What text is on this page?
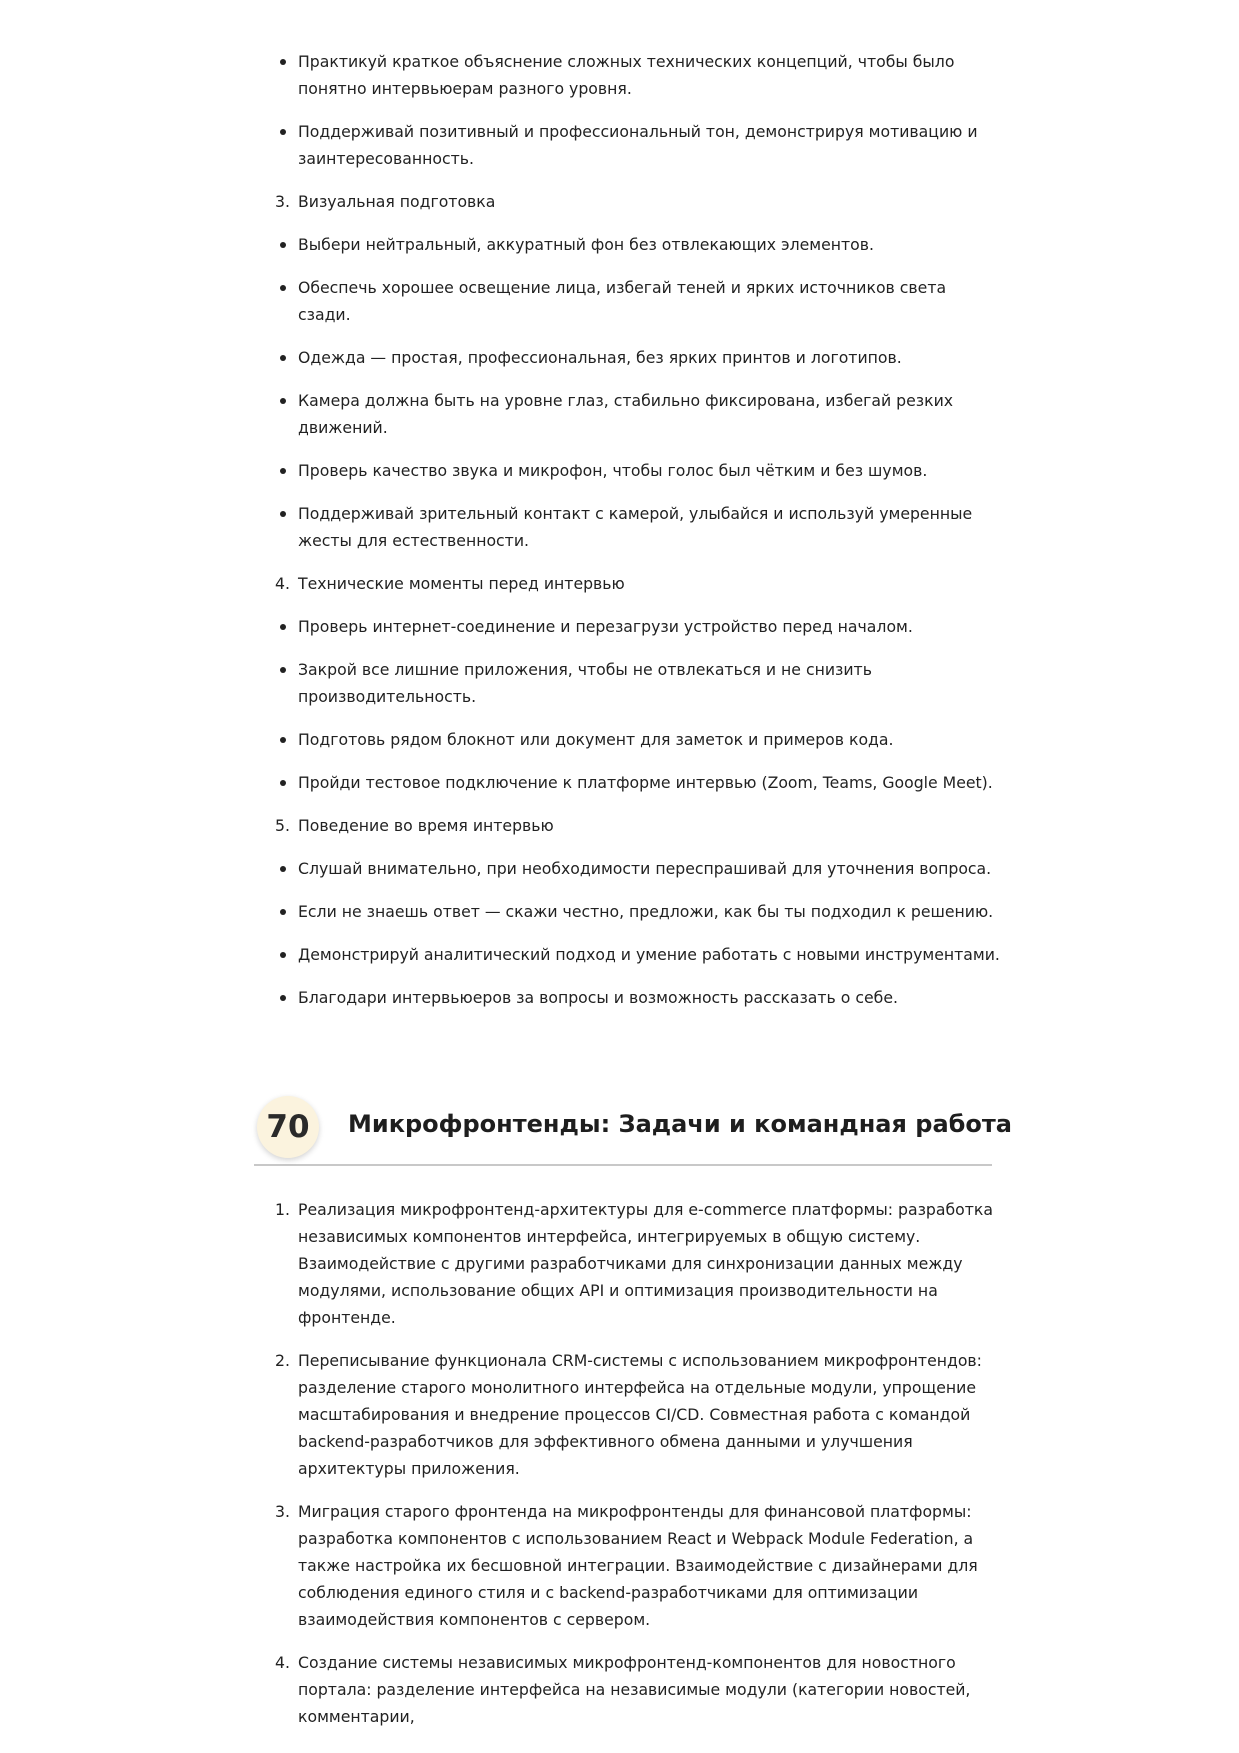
Практикуй краткое объяснение сложных технических концепций, чтобы было понятно интервьюерам разного уровня.
Поддерживай позитивный и профессиональный тон, демонстрируя мотивацию и заинтересованность.
3. Визуальная подготовка
Выбери нейтральный, аккуратный фон без отвлекающих элементов.
Обеспечь хорошее освещение лица, избегай теней и ярких источников света сзади.
Одежда — простая, профессиональная, без ярких принтов и логотипов.
Камера должна быть на уровне глаз, стабильно фиксирована, избегай резких движений.
Проверь качество звука и микрофон, чтобы голос был чётким и без шумов.
Поддерживай зрительный контакт с камерой, улыбайся и используй умеренные жесты для естественности.
4. Технические моменты перед интервью
Проверь интернет-соединение и перезагрузи устройство перед началом.
Закрой все лишние приложения, чтобы не отвлекаться и не снизить производительность.
Подготовь рядом блокнот или документ для заметок и примеров кода.
Пройди тестовое подключение к платформе интервью (Zoom, Teams, Google Meet).
5. Поведение во время интервью
Слушай внимательно, при необходимости переспрашивай для уточнения вопроса.
Если не знаешь ответ — скажи честно, предложи, как бы ты подходил к решению.
Демонстрируй аналитический подход и умение работать с новыми инструментами.
Благодари интервьюеров за вопросы и возможность рассказать о себе.
70	Микрофронтенды: Задачи и командная работа
1. Реализация микрофронтенд-архитектуры для e-commerce платформы: разработка независимых компонентов интерфейса, интегрируемых в общую систему. Взаимодействие с другими разработчиками для синхронизации данных между модулями, использование общих API и оптимизация производительности на фронтенде.
2. Переписывание функционала CRM-системы с использованием микрофронтендов: разделение старого монолитного интерфейса на отдельные модули, упрощение масштабирования и внедрение процессов CI/CD. Совместная работа с командой backend-разработчиков для эффективного обмена данными и улучшения архитектуры приложения.
3. Миграция старого фронтенда на микрофронтенды для финансовой платформы: разработка компонентов с использованием React и Webpack Module Federation, а также настройка их бесшовной интеграции. Взаимодействие с дизайнерами для соблюдения единого стиля и с backend-разработчиками для оптимизации взаимодействия компонентов с сервером.
4. Создание системы независимых микрофронтенд-компонентов для новостного портала: разделение интерфейса на независимые модули (категории новостей, комментарии,
